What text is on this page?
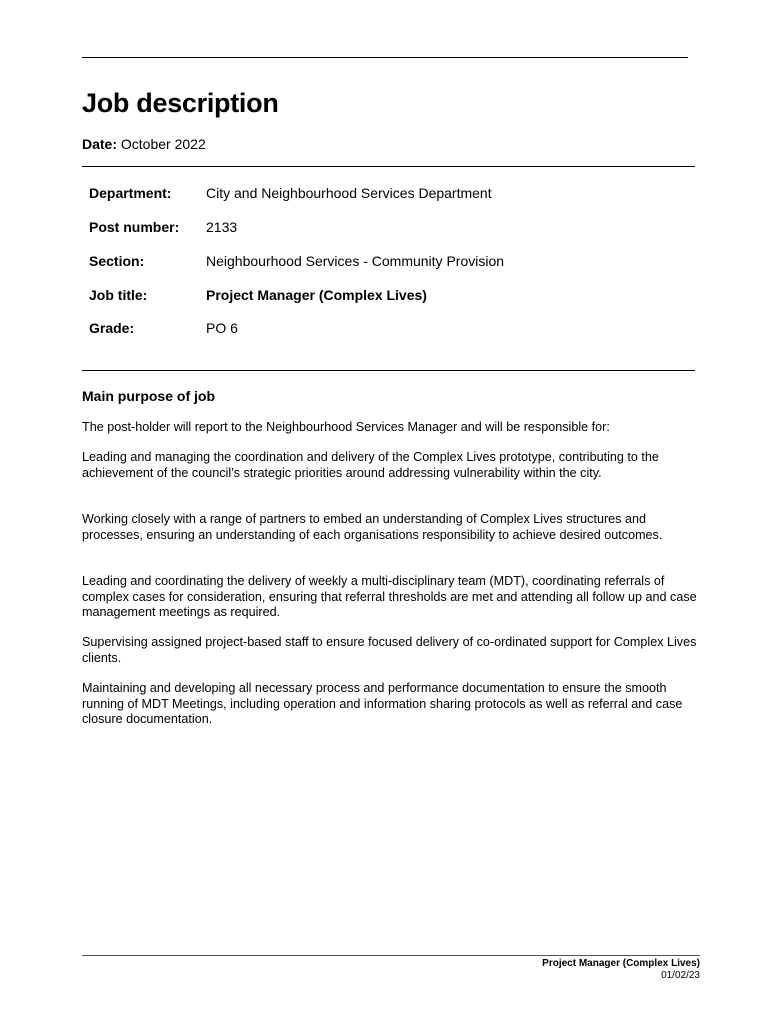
Job description
Date: October 2022
Department: City and Neighbourhood Services Department
Post number: 2133
Section:	Neighbourhood Services - Community Provision
Job title:	Project Manager (Complex Lives)
Grade:	PO 6
Main purpose of job

The post-holder will report to the Neighbourhood Services Manager and will be responsible for:

Leading and managing the coordination and delivery of the Complex Lives prototype, contributing to the achievement of the council’s strategic priorities around addressing vulnerability within the city.

Working closely with a range of partners to embed an understanding of Complex Lives structures and processes, ensuring an understanding of each organisations responsibility to achieve desired outcomes.

Leading and coordinating the delivery of weekly a multi-disciplinary team (MDT), coordinating referrals of complex cases for consideration, ensuring that referral thresholds are met and attending all follow up and case management meetings as required.

Supervising assigned project-based staff to ensure focused delivery of co-ordinated support for Complex Lives clients.

Maintaining and developing all necessary process and performance documentation to ensure the smooth running of MDT Meetings, including operation and information sharing protocols as well as referral and case closure documentation.

Project Manager (Complex Lives)
01/02/23
